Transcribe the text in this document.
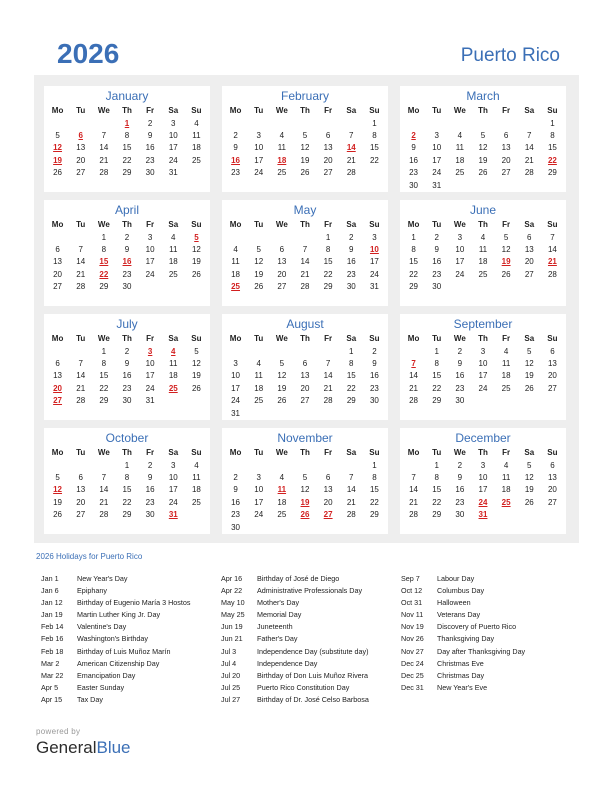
2026	Puerto Rico
January
Mo	Tu	We	Th	Fr	Sa	Su
			1	2	3	4
5	6	7	8	9	10	11
12	13	14	15	16	17	18
19	20	21	22	23	24	25
26	27	28	29	30	31	
February
Mo	Tu	We	Th	Fr	Sa	Su
						1
2	3	4	5	6	7	8
9	10	11	12	13	14	15
16	17	18	19	20	21	22
23	24	25	26	27	28	
March
Mo	Tu	We	Th	Fr	Sa	Su
						1
2	3	4	5	6	7	8
9	10	11	12	13	14	15
16	17	18	19	20	21	22
23	24	25	26	27	28	29
30	31					
April
Mo	Tu	We	Th	Fr	Sa	Su
		1	2	3	4	5
6	7	8	9	10	11	12
13	14	15	16	17	18	19
20	21	22	23	24	25	26
27	28	29	30			
May
Mo	Tu	We	Th	Fr	Sa	Su
				1	2	3
4	5	6	7	8	9	10
11	12	13	14	15	16	17
18	19	20	21	22	23	24
25	26	27	28	29	30	31
June
Mo	Tu	We	Th	Fr	Sa	Su
1	2	3	4	5	6	7
8	9	10	11	12	13	14
15	16	17	18	19	20	21
22	23	24	25	26	27	28
29	30					
July
Mo	Tu	We	Th	Fr	Sa	Su
		1	2	3	4	5
6	7	8	9	10	11	12
13	14	15	16	17	18	19
20	21	22	23	24	25	26
27	28	29	30	31		
August
Mo	Tu	We	Th	Fr	Sa	Su
					1	2
3	4	5	6	7	8	9
10	11	12	13	14	15	16
17	18	19	20	21	22	23
24	25	26	27	28	29	30
31						
September
Mo	Tu	We	Th	Fr	Sa	Su
	1	2	3	4	5	6
7	8	9	10	11	12	13
14	15	16	17	18	19	20
21	22	23	24	25	26	27
28	29	30				
October
Mo	Tu	We	Th	Fr	Sa	Su
			1	2	3	4
5	6	7	8	9	10	11
12	13	14	15	16	17	18
19	20	21	22	23	24	25
26	27	28	29	30	31	
November
Mo	Tu	We	Th	Fr	Sa	Su
						1
2	3	4	5	6	7	8
9	10	11	12	13	14	15
16	17	18	19	20	21	22
23	24	25	26	27	28	29
30						
December
Mo	Tu	We	Th	Fr	Sa	Su
	1	2	3	4	5	6
7	8	9	10	11	12	13
14	15	16	17	18	19	20
21	22	23	24	25	26	27
28	29	30	31			
2026 Holidays for Puerto Rico
Jan 1	New Year's Day
Jan 6	Epiphany
Jan 12 Birthday of Eugenio María 3 Hostos
Jan 19 Martin Luther King Jr. Day
Feb 14 Valentine's Day
Feb 16 Washington's Birthday
Feb 18 Birthday of Luis Muñoz Marín
Mar 2 American Citizenship Day
Mar 22 Emancipation Day
Apr 5	Easter Sunday
Apr 15 Tax Day
Apr 16 Birthday of José de Diego
Apr 22 Administrative Professionals Day
May 10 Mother's Day
May 25 Memorial Day
Jun 19 Juneteenth
Jun 21 Father's Day
Jul 3	Independence Day (substitute day)
Jul 4	Independence Day
Jul 20 Birthday of Don Luis Muñoz Rivera
Jul 25 Puerto Rico Constitution Day
Jul 27 Birthday of Dr. José Celso Barbosa
Sep 7 Labour Day
Oct 12 Columbus Day
Oct 31 Halloween
Nov 11 Veterans Day
Nov 19 Discovery of Puerto Rico
Nov 26 Thanksgiving Day
Nov 27 Day after Thanksgiving Day
Dec 24 Christmas Eve
Dec 25 Christmas Day
Dec 31 New Year's Eve
powered by
GeneralBlue
